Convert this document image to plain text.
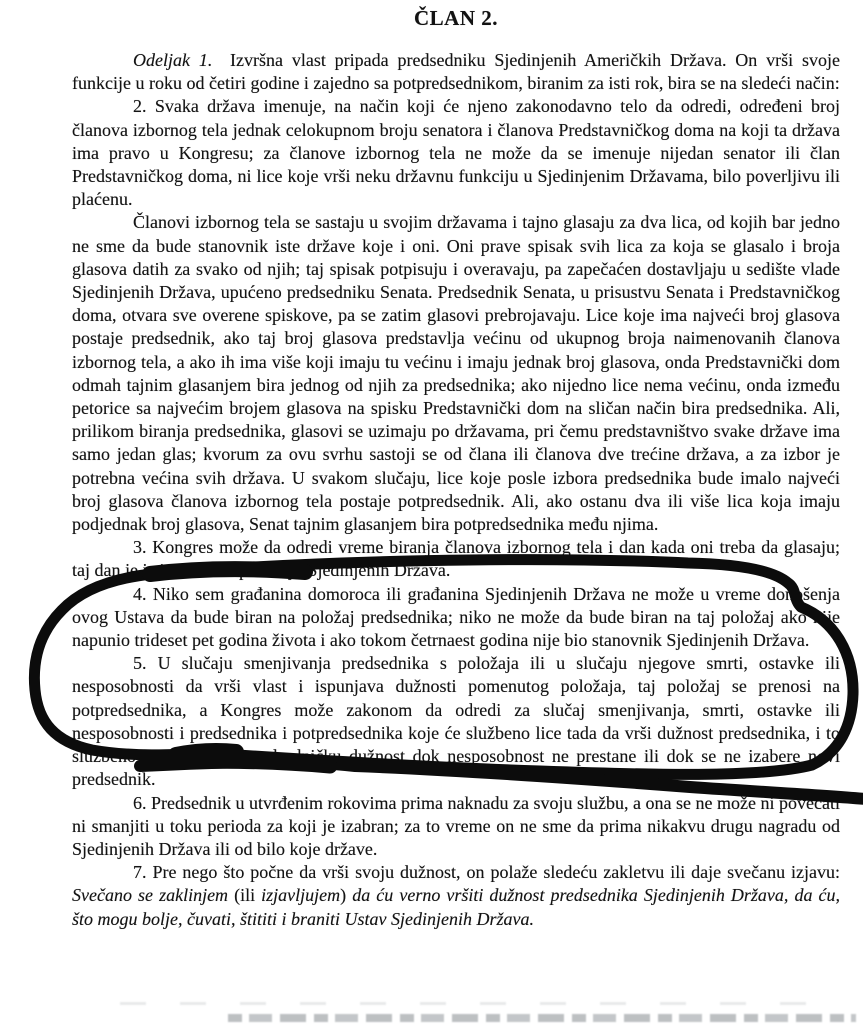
ČLAN 2.

Odeljak 1.  Izvršna vlast pripada predsedniku Sjedinjenih Američkih Država. On vrši svoje funkcije u roku od četiri godine i zajedno sa potpredsednikom, biranim za isti rok, bira se na sledeći način:

2. Svaka država imenuje, na način koji će njeno zakonodavno telo da odredi, određeni broj članova izbornog tela jednak celokupnom broju senatora i članova Predstavničkog doma na koji ta država ima pravo u Kongresu; za članove izbornog tela ne može da se imenuje nijedan senator ili član Predstavničkog doma, ni lice koje vrši neku državnu funkciju u Sjedinjenim Državama, bilo poverljivu ili plaćenu.

Članovi izbornog tela se sastaju u svojim državama i tajno glasaju za dva lica, od kojih bar jedno ne sme da bude stanovnik iste države koje i oni. Oni prave spisak svih lica za koja se glasalo i broja glasova datih za svako od njih; taj spisak potpisuju i overavaju, pa zapečaćen dostavljaju u sedište vlade Sjedinjenih Država, upućeno predsedniku Senata. Predsednik Senata, u prisustvu Senata i Predstavničkog doma, otvara sve overene spiskove, pa se zatim glasovi prebrojavaju. Lice koje ima najveći broj glasova postaje predsednik, ako taj broj glasova predstavlja većinu od ukupnog broja naimenovanih članova izbornog tela, a ako ih ima više koji imaju tu većinu i imaju jednak broj glasova, onda Predstavnički dom odmah tajnim glasanjem bira jednog od njih za predsednika; ako nijedno lice nema većinu, onda između petorice sa najvećim brojem glasova na spisku Predstavnički dom na sličan način bira predsednika. Ali, prilikom biranja predsednika, glasovi se uzimaju po državama, pri čemu predstavništvo svake države ima samo jedan glas; kvorum za ovu svrhu sastoji se od člana ili članova dve trećine država, a za izbor je potrebna većina svih država. U svakom slučaju, lice koje posle izbora predsednika bude imalo najveći broj glasova članova izbornog tela postaje potpredsednik. Ali, ako ostanu dva ili više lica koja imaju podjednak broj glasova, Senat tajnim glasanjem bira potpredsednika među njima.

3. Kongres može da odredi vreme biranja članova izbornog tela i dan kada oni treba da glasaju; taj dan je isti na celom području Sjedinjenih Država.

4. Niko sem građanina domoroca ili građanina Sjedinjenih Država ne može u vreme donošenja ovog Ustava da bude biran na položaj predsednika; niko ne može da bude biran na taj položaj ako nije napunio trideset pet godina života i ako tokom četrnaest godina nije bio stanovnik Sjedinjenih Država.

5. U slučaju smenjivanja predsednika s položaja ili u slučaju njegove smrti, ostavke ili nesposobnosti da vrši vlast i ispunjava dužnosti pomenutog položaja, taj položaj se prenosi na potpredsednika, a Kongres može zakonom da odredi za slučaj smenjivanja, smrti, ostavke ili nesposobnosti i predsednika i potpredsednika koje će službeno lice tada da vrši dužnost predsednika, i to službeno lice će vršiti predsedničku dužnost dok nesposobnost ne prestane ili dok se ne izabere novi predsednik.

6. Predsednik u utvrđenim rokovima prima naknadu za svoju službu, a ona se ne može ni povećati ni smanjiti u toku perioda za koji je izabran; za to vreme on ne sme da prima nikakvu drugu nagradu od Sjedinjenih Država ili od bilo koje države.

7. Pre nego što počne da vrši svoju dužnost, on polaže sledeću zakletvu ili daje svečanu izjavu: Svečano se zaklinjem (ili izjavljujem) da ću verno vršiti dužnost predsednika Sjedinjenih Država, da ću, što mogu bolje, čuvati, štititi i braniti Ustav Sjedinjenih Država.
